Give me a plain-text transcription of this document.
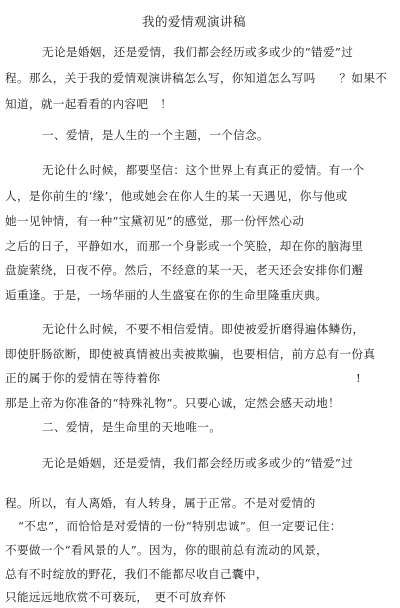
我的爱情观演讲稿
无论是婚姻，还是爱情，我们都会经历或多或少的“错爱”过
程。那么，关于我的爱情观演讲稿怎么写，你知道怎么写吗　　？如果不
知道，就一起看看的内容吧　！
一、爱情，是人生的一个主题，一个信念。
无论什么时候，都要坚信：这个世界上有真正的爱情。有一个
人，是你前生的‘缘’，他或她会在你人生的某一天遇见，你与他或
她一见钟情，有一种“宝黛初见”的感觉，那一份怦然心动
之后的日子，平静如水，而那一个身影或一个笑脸，却在你的脑海里
盘旋萦绕，日夜不停。然后，不经意的某一天，老天还会安排你们邂
逅重逢。于是，一场华丽的人生盛宴在你的生命里隆重庆典。
无论什么时候，不要不相信爱情。即使被爱折磨得遍体鳞伤，
即使肝肠欲断，即使被真情被出卖被欺骗，也要相信，前方总有一份真
正的属于你的爱情在等待着你	!
那是上帝为你准备的“特殊礼物”。只要心诚，定然会感天动地！
二、爱情，是生命里的天地唯一。
无论是婚姻，还是爱情，我们都会经历或多或少的“错爱”过
程。所以，有人离婚，有人转身，属于正常。不是对爱情的
“不忠”，而恰恰是对爱情的一份“特别忠诚”。但一定要记住：
不要做一个“看风景的人”。因为，你的眼前总有流动的风景，
总有不时绽放的野花，我们不能都尽收自己囊中，
只能远远地欣赏不可亵玩，　更不可放弃怀
